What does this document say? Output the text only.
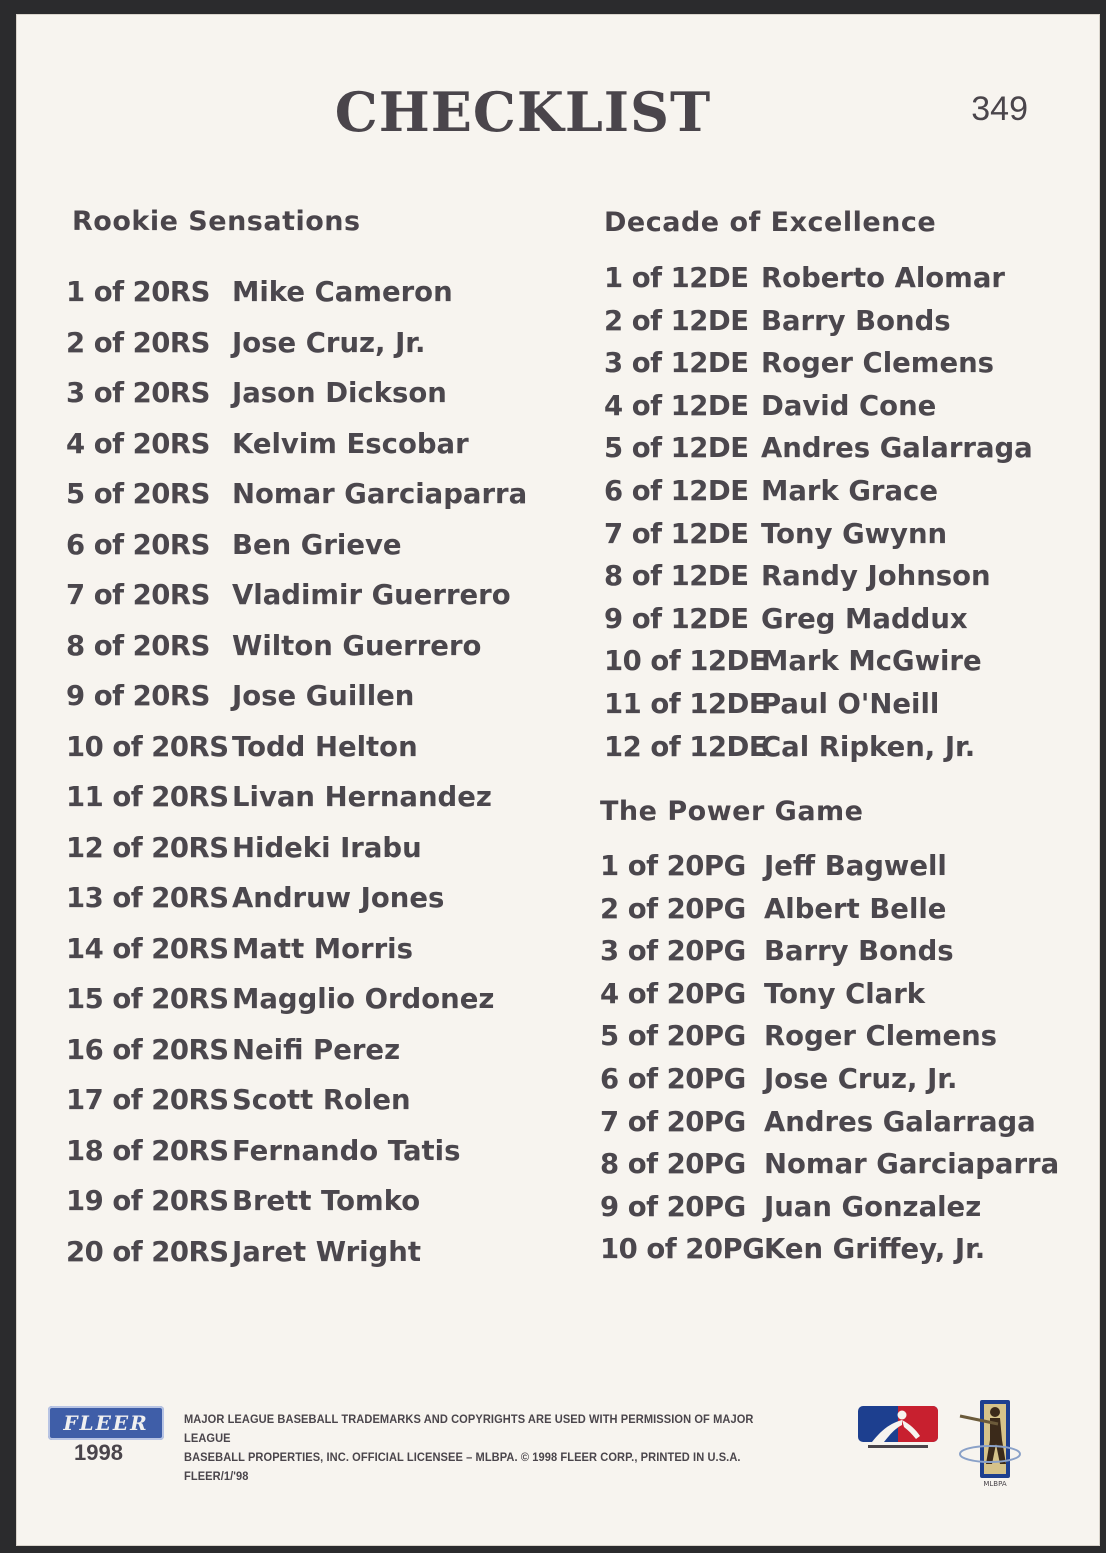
CHECKLIST	349
Rookie Sensations
1 of 20RS Mike Cameron
2 of 20RS Jose Cruz, Jr.
3 of 20RS Jason Dickson
4 of 20RS Kelvim Escobar
5 of 20RS Nomar Garciaparra
6 of 20RS Ben Grieve
7 of 20RS Vladimir Guerrero
8 of 20RS Wilton Guerrero
9 of 20RS Jose Guillen
10 of 20RS Todd Helton
11 of 20RS Livan Hernandez
12 of 20RS Hideki Irabu
13 of 20RS Andruw Jones
14 of 20RS Matt Morris
15 of 20RS Magglio Ordonez
16 of 20RS Neifi Perez
17 of 20RS Scott Rolen
18 of 20RS Fernando Tatis
19 of 20RS Brett Tomko
20 of 20RS Jaret Wright
Decade of Excellence
1 of 12DE Roberto Alomar
2 of 12DE Barry Bonds
3 of 12DE Roger Clemens
4 of 12DE David Cone
5 of 12DE Andres Galarraga
6 of 12DE Mark Grace
7 of 12DE Tony Gwynn
8 of 12DE Randy Johnson
9 of 12DE Greg Maddux
10 of 12DE
Mark McGwire
11 of 12DE
Paul O'Neill
12 of 12DE
Cal Ripken, Jr.
The Power Game
1 of 20PG Jeff Bagwell
2 of 20PG Albert Belle
3 of 20PG Barry Bonds
4 of 20PG Tony Clark
5 of 20PG Roger Clemens
6 of 20PG Jose Cruz, Jr.
7 of 20PG Andres Galarraga
8 of 20PG Nomar Garciaparra
9 of 20PG Juan Gonzalez
10 of 20PG Ken Griffey, Jr.
FLEER
1998
MAJOR LEAGUE BASEBALL TRADEMARKS AND COPYRIGHTS ARE USED WITH PERMISSION OF MAJOR LEAGUE
BASEBALL PROPERTIES, INC. OFFICIAL LICENSEE – MLBPA. © 1998 FLEER CORP., PRINTED IN U.S.A. FLEER/1/'98
MLBPA
